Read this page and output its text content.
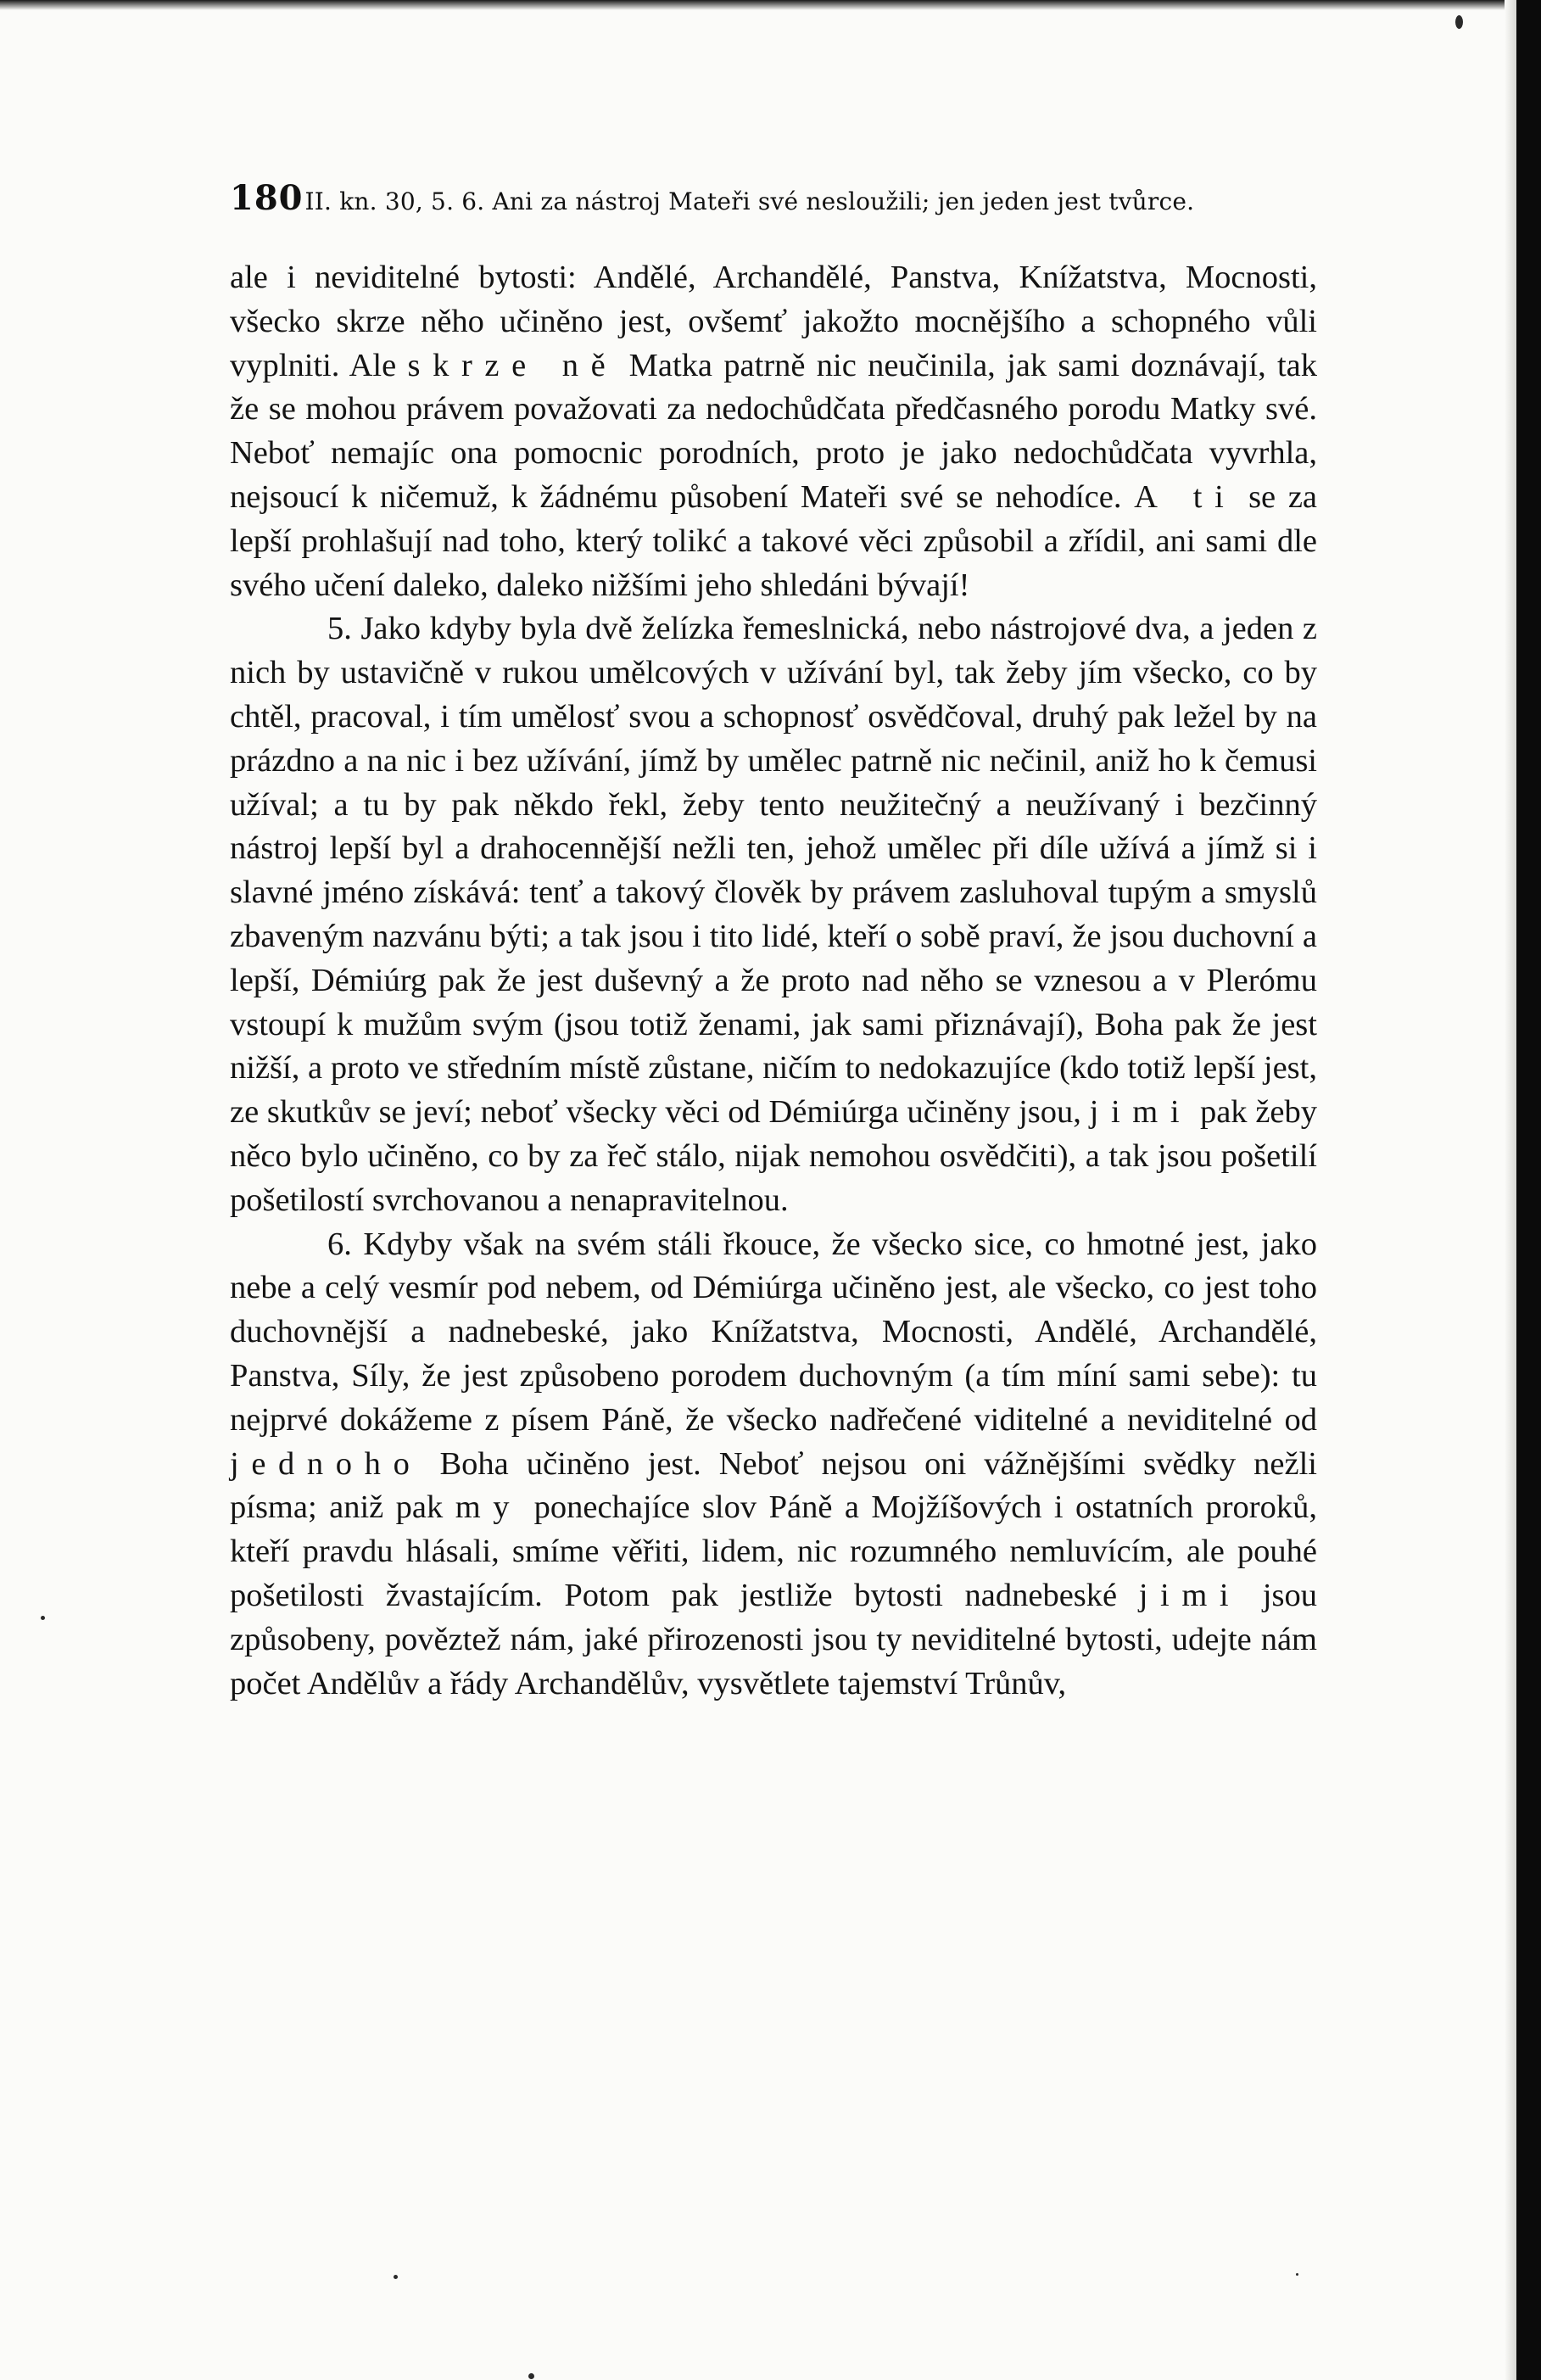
180II. kn. 30, 5. 6. Ani za nástroj Mateři své nesloužili; jen jeden jest tvůrce.

ale i neviditelné bytosti: Andělé, Archandělé, Panstva, Knížatstva, Mocnosti, všecko skrze něho učiněno jest, ovšemť jakožto mocnějšího a schopného vůli vyplniti. Ale skrze ně Matka patrně nic neučinila, jak sami doznávají, tak že se mohou právem považovati za nedochůdčata předčasného porodu Matky své. Neboť nemajíc ona pomocnic porodních, proto je jako nedochůdčata vyvrhla, nejsoucí k ničemuž, k žádnému působení Mateři své se nehodíce. A ti se za lepší prohlašují nad toho, který tolikć a takové věci způsobil a zřídil, ani sami dle svého učení daleko, daleko nižšími jeho shledáni bývají!

5. Jako kdyby byla dvě želízka řemeslnická, nebo nástrojové dva, a jeden z nich by ustavičně v rukou umělcových v užívání byl, tak žeby jím všecko, co by chtěl, pracoval, i tím umělosť svou a schopnosť osvědčoval, druhý pak ležel by na prázdno a na nic i bez užívání, jímž by umělec patrně nic nečinil, aniž ho k čemusi užíval; a tu by pak někdo řekl, žeby tento neužitečný a neužívaný i bezčinný nástroj lepší byl a drahocennější nežli ten, jehož umělec při díle užívá a jímž si i slavné jméno získává: tenť a takový člověk by právem zasluhoval tupým a smyslů zbaveným nazvánu býti; a tak jsou i tito lidé, kteří o sobě praví, že jsou duchovní a lepší, Démiúrg pak že jest duševný a že proto nad něho se vznesou a v Plerómu vstoupí k mužům svým (jsou totiž ženami, jak sami přiznávají), Boha pak že jest nižší, a proto ve středním místě zůstane, ničím to nedokazujíce (kdo totiž lepší jest, ze skutkův se jeví; neboť všecky věci od Démiúrga učiněny jsou, jimi pak žeby něco bylo učiněno, co by za řeč stálo, nijak nemohou osvědčiti), a tak jsou pošetilí pošetilostí svrchovanou a nenapravitelnou.

6. Kdyby však na svém stáli řkouce, že všecko sice, co hmotné jest, jako nebe a celý vesmír pod nebem, od Démiúrga učiněno jest, ale všecko, co jest toho duchovnější a nadnebeské, jako Knížatstva, Mocnosti, Andělé, Archandělé, Panstva, Síly, že jest způsobeno porodem duchovným (a tím míní sami sebe): tu nejprvé dokážeme z písem Páně, že všecko nadřečené viditelné a neviditelné od jednoho Boha učiněno jest. Neboť nejsou oni vážnějšími svědky nežli písma; aniž pak my ponechajíce slov Páně a Mojžíšových i ostatních proroků, kteří pravdu hlásali, smíme věřiti, lidem, nic rozumného nemluvícím, ale pouhé pošetilosti žvastajícím. Potom pak jestliže bytosti nadnebeské jimi jsou způsobeny, pověztež nám, jaké přirozenosti jsou ty neviditelné bytosti, udejte nám počet Andělův a řády Archandělův, vysvětlete tajemství Trůnův,
